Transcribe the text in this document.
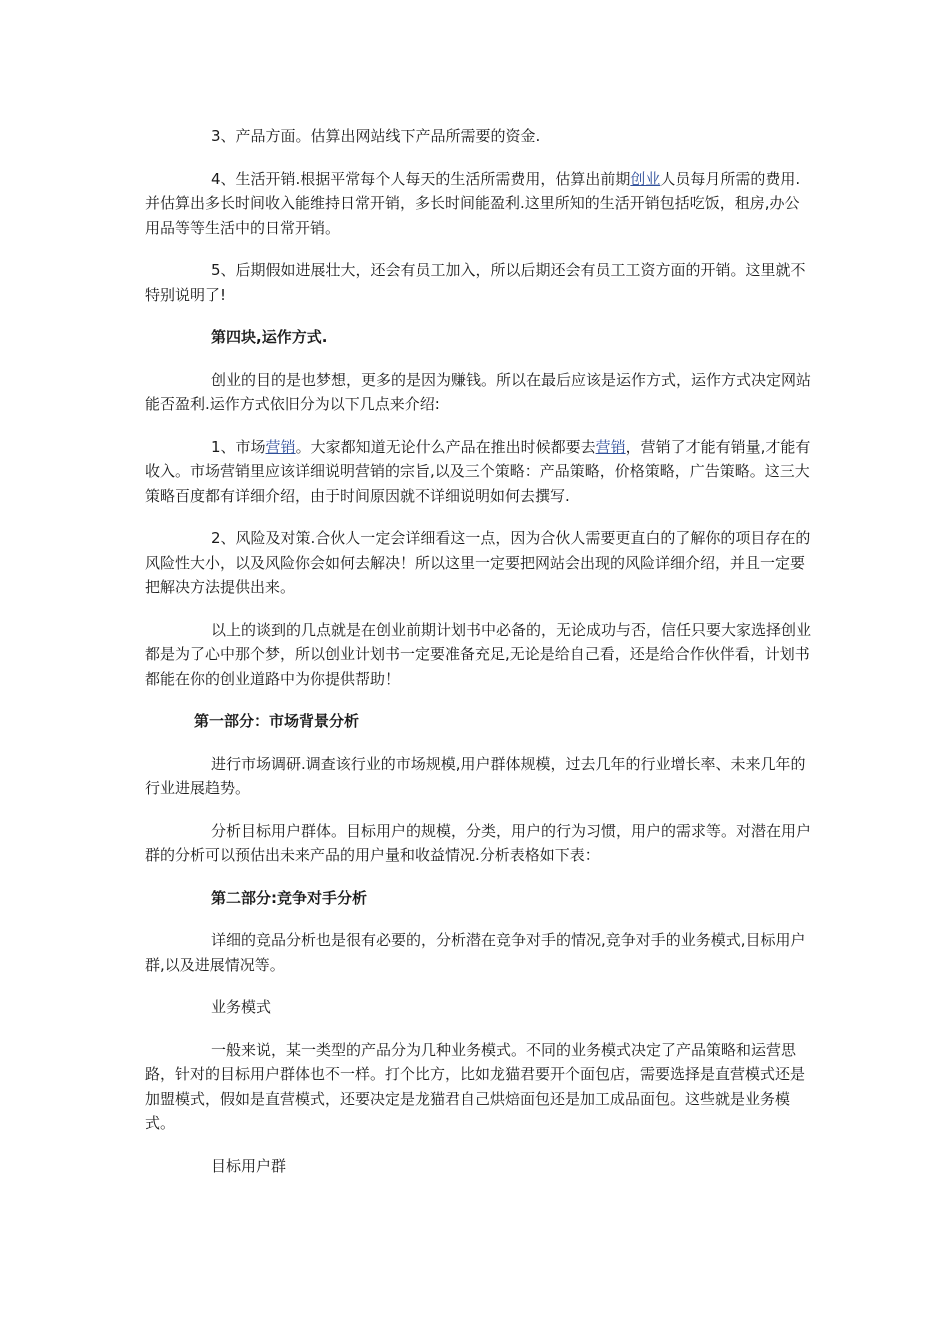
3、产品方面。估算出网站线下产品所需要的资金.

4、生活开销.根据平常每个人每天的生活所需费用，估算出前期创业人员每月所需的费用.并估算出多长时间收入能维持日常开销，多长时间能盈利.这里所知的生活开销包括吃饭，租房,办公用品等等生活中的日常开销。

5、后期假如进展壮大，还会有员工加入，所以后期还会有员工工资方面的开销。这里就不特别说明了!

第四块,运作方式.

创业的目的是也梦想，更多的是因为赚钱。所以在最后应该是运作方式，运作方式决定网站能否盈利.运作方式依旧分为以下几点来介绍:

1、市场营销。大家都知道无论什么产品在推出时候都要去营销，营销了才能有销量,才能有收入。市场营销里应该详细说明营销的宗旨,以及三个策略：产品策略，价格策略，广告策略。这三大策略百度都有详细介绍，由于时间原因就不详细说明如何去撰写.

2、风险及对策.合伙人一定会详细看这一点，因为合伙人需要更直白的了解你的项目存在的风险性大小，以及风险你会如何去解决！所以这里一定要把网站会出现的风险详细介绍，并且一定要把解决方法提供出来。

以上的谈到的几点就是在创业前期计划书中必备的，无论成功与否，信任只要大家选择创业都是为了心中那个梦，所以创业计划书一定要准备充足,无论是给自己看，还是给合作伙伴看，计划书都能在你的创业道路中为你提供帮助！

第一部分：市场背景分析

进行市场调研.调查该行业的市场规模,用户群体规模，过去几年的行业增长率、未来几年的行业进展趋势。

分析目标用户群体。目标用户的规模，分类，用户的行为习惯，用户的需求等。对潜在用户群的分析可以预估出未来产品的用户量和收益情况.分析表格如下表：

第二部分:竞争对手分析

详细的竞品分析也是很有必要的，分析潜在竞争对手的情况,竞争对手的业务模式,目标用户群,以及进展情况等。

业务模式

一般来说，某一类型的产品分为几种业务模式。不同的业务模式决定了产品策略和运营思路，针对的目标用户群体也不一样。打个比方，比如龙猫君要开个面包店，需要选择是直营模式还是加盟模式，假如是直营模式，还要决定是龙猫君自己烘焙面包还是加工成品面包。这些就是业务模式。

目标用户群
